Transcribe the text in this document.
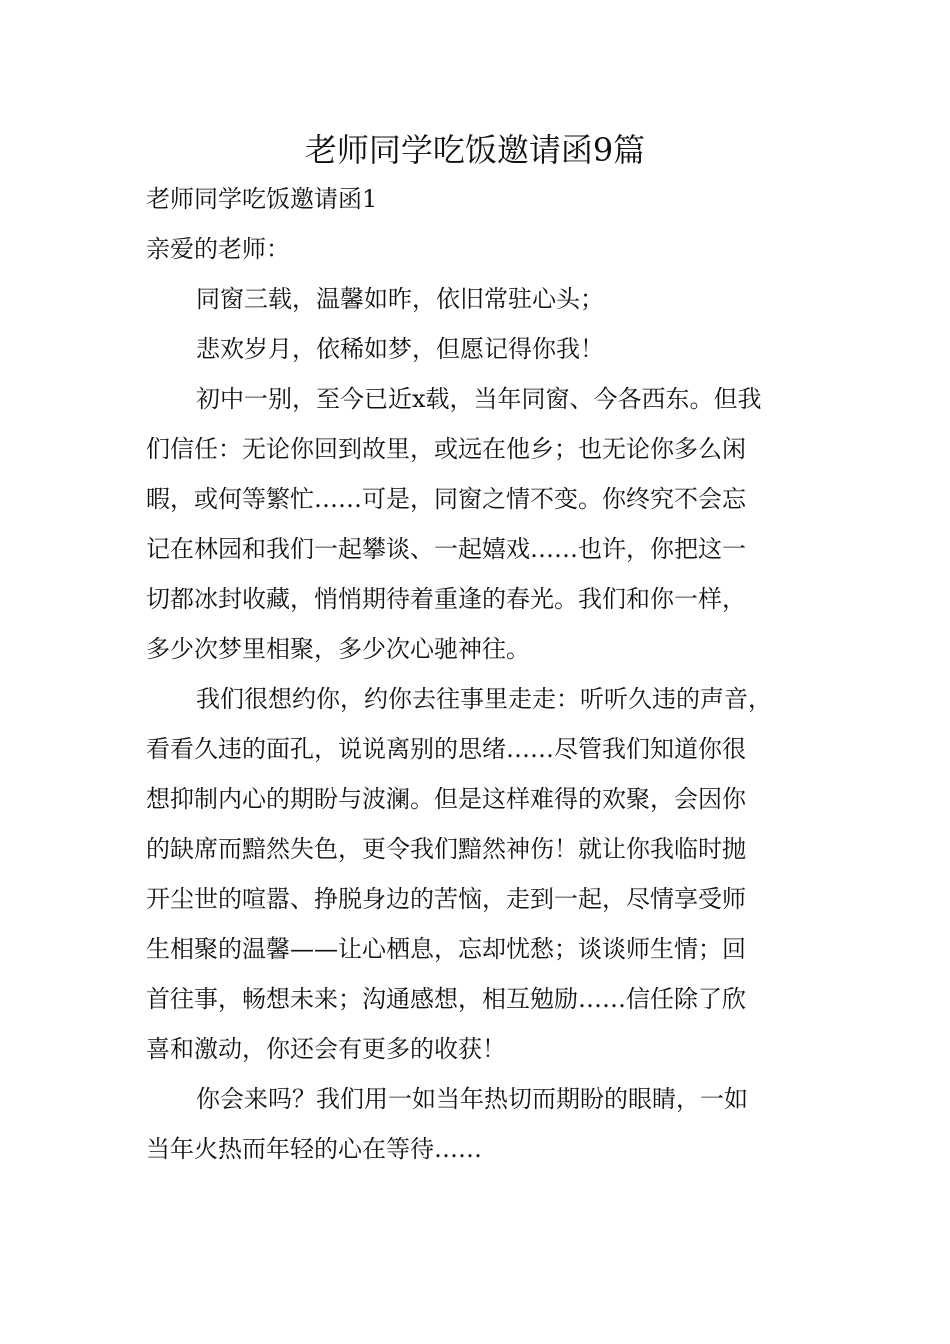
老师同学吃饭邀请函9篇

老师同学吃饭邀请函1

亲爱的老师：

同窗三载，温馨如昨，依旧常驻心头；

悲欢岁月，依稀如梦，但愿记得你我！

初中一别，至今已近x载，当年同窗、今各西东。但我

们信任：无论你回到故里，或远在他乡；也无论你多么闲

暇，或何等繁忙……可是，同窗之情不变。你终究不会忘

记在林园和我们一起攀谈、一起嬉戏……也许，你把这一

切都冰封收藏，悄悄期待着重逢的春光。我们和你一样，

多少次梦里相聚，多少次心驰神往。

我们很想约你，约你去往事里走走：听听久违的声音，

看看久违的面孔，说说离别的思绪……尽管我们知道你很

想抑制内心的期盼与波澜。但是这样难得的欢聚，会因你

的缺席而黯然失色，更令我们黯然神伤！就让你我临时抛

开尘世的喧嚣、挣脱身边的苦恼，走到一起，尽情享受师

生相聚的温馨——让心栖息，忘却忧愁；谈谈师生情；回

首往事，畅想未来；沟通感想，相互勉励……信任除了欣

喜和激动，你还会有更多的收获！

你会来吗？我们用一如当年热切而期盼的眼睛，一如

当年火热而年轻的心在等待……
